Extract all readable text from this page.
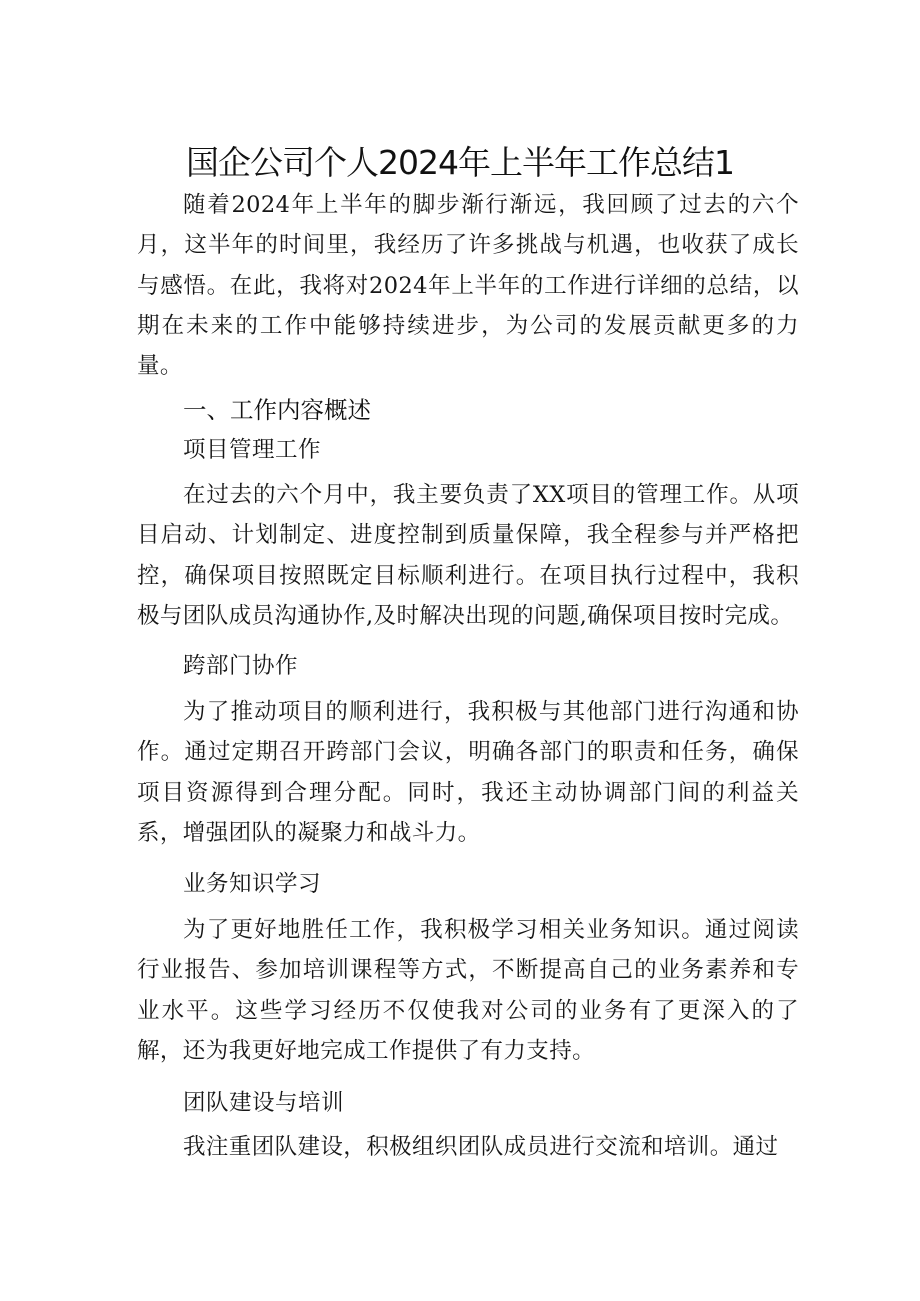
国企公司个人2024年上半年工作总结1
随着2024年上半年的脚步渐行渐远，我回顾了过去的六个月，这半年的时间里，我经历了许多挑战与机遇，也收获了成长与感悟。在此，我将对2024年上半年的工作进行详细的总结，以期在未来的工作中能够持续进步，为公司的发展贡献更多的力量。
一、工作内容概述
项目管理工作
在过去的六个月中，我主要负责了XX项目的管理工作。从项目启动、计划制定、进度控制到质量保障，我全程参与并严格把控，确保项目按照既定目标顺利进行。在项目执行过程中，我积极与团队成员沟通协作,及时解决出现的问题,确保项目按时完成。
跨部门协作
为了推动项目的顺利进行，我积极与其他部门进行沟通和协作。通过定期召开跨部门会议，明确各部门的职责和任务，确保项目资源得到合理分配。同时，我还主动协调部门间的利益关系，增强团队的凝聚力和战斗力。
业务知识学习
为了更好地胜任工作，我积极学习相关业务知识。通过阅读行业报告、参加培训课程等方式，不断提高自己的业务素养和专业水平。这些学习经历不仅使我对公司的业务有了更深入的了解，还为我更好地完成工作提供了有力支持。
团队建设与培训
我注重团队建设，积极组织团队成员进行交流和培训。通过
